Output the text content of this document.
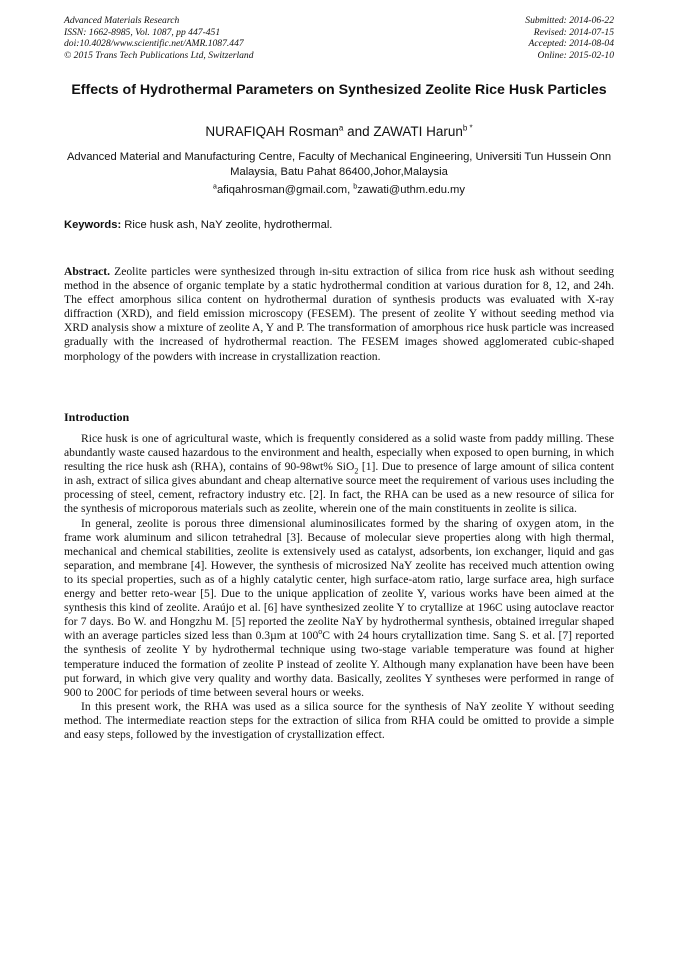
Advanced Materials Research
ISSN: 1662-8985, Vol. 1087, pp 447-451
doi:10.4028/www.scientific.net/AMR.1087.447
© 2015 Trans Tech Publications Ltd, Switzerland
Submitted: 2014-06-22
Revised: 2014-07-15
Accepted: 2014-08-04
Online: 2015-02-10
Effects of Hydrothermal Parameters on Synthesized Zeolite Rice Husk Particles
NURAFIQAH Rosman$^a$ and ZAWATI Harun$^{b *}$
Advanced Material and Manufacturing Centre, Faculty of Mechanical Engineering, Universiti Tun Hussein Onn Malaysia, Batu Pahat 86400,Johor,Malaysia
$^a$afiqahrosman@gmail.com, $^b$zawati@uthm.edu.my
Keywords: Rice husk ash, NaY zeolite, hydrothermal.
Abstract. Zeolite particles were synthesized through in-situ extraction of silica from rice husk ash without seeding method in the absence of organic template by a static hydrothermal condition at various duration for 8, 12, and 24h. The effect amorphous silica content on hydrothermal duration of synthesis products was evaluated with X-ray diffraction (XRD), and field emission microscopy (FESEM). The present of zeolite Y without seeding method via XRD analysis show a mixture of zeolite A, Y and P. The transformation of amorphous rice husk particle was increased gradually with the increased of hydrothermal reaction. The FESEM images showed agglomerated cubic-shaped morphology of the powders with increase in crystallization reaction.
Introduction

Rice husk is one of agricultural waste, which is frequently considered as a solid waste from paddy milling. These abundantly waste caused hazardous to the environment and health, especially when exposed to open burning, in which resulting the rice husk ash (RHA), contains of 90-98wt% SiO$_2$ [1]. Due to presence of large amount of silica content in ash, extract of silica gives abundant and cheap alternative source meet the requirement of various uses including the processing of steel, cement, refractory industry etc. [2]. In fact, the RHA can be used as a new resource of silica for the synthesis of microporous materials such as zeolite, wherein one of the main constituents in zeolite is silica.

In general, zeolite is porous three dimensional aluminosilicates formed by the sharing of oxygen atom, in the frame work aluminum and silicon tetrahedral [3]. Because of molecular sieve properties along with high thermal, mechanical and chemical stabilities, zeolite is extensively used as catalyst, adsorbents, ion exchanger, liquid and gas separation, and membrane [4]. However, the synthesis of microsized NaY zeolite has received much attention owing to its special properties, such as of a highly catalytic center, high surface-atom ratio, large surface area, high surface energy and better reto-wear [5]. Due to the unique application of zeolite Y, various works have been aimed at the synthesis this kind of zeolite. Araújo et al. [6] have synthesized zeolite Y to crytallize at 196C using autoclave reactor for 7 days. Bo W. and Hongzhu M. [5] reported the zeolite NaY by hydrothermal synthesis, obtained irregular shaped with an average particles sized less than 0.3µm at 100$^o$C with 24 hours crytallization time. Sang S. et al. [7] reported the synthesis of zeolite Y by hydrothermal technique using two-stage variable temperature was found at higher temperature induced the formation of zeolite P instead of zeolite Y. Although many explanation have been have been put forward, in which give very quality and worthy data. Basically, zeolites Y syntheses were performed in range of 900 to 200C for periods of time between several hours or weeks.

In this present work, the RHA was used as a silica source for the synthesis of NaY zeolite Y without seeding method. The intermediate reaction steps for the extraction of silica from RHA could be omitted to provide a simple and easy steps, followed by the investigation of crystallization effect.
